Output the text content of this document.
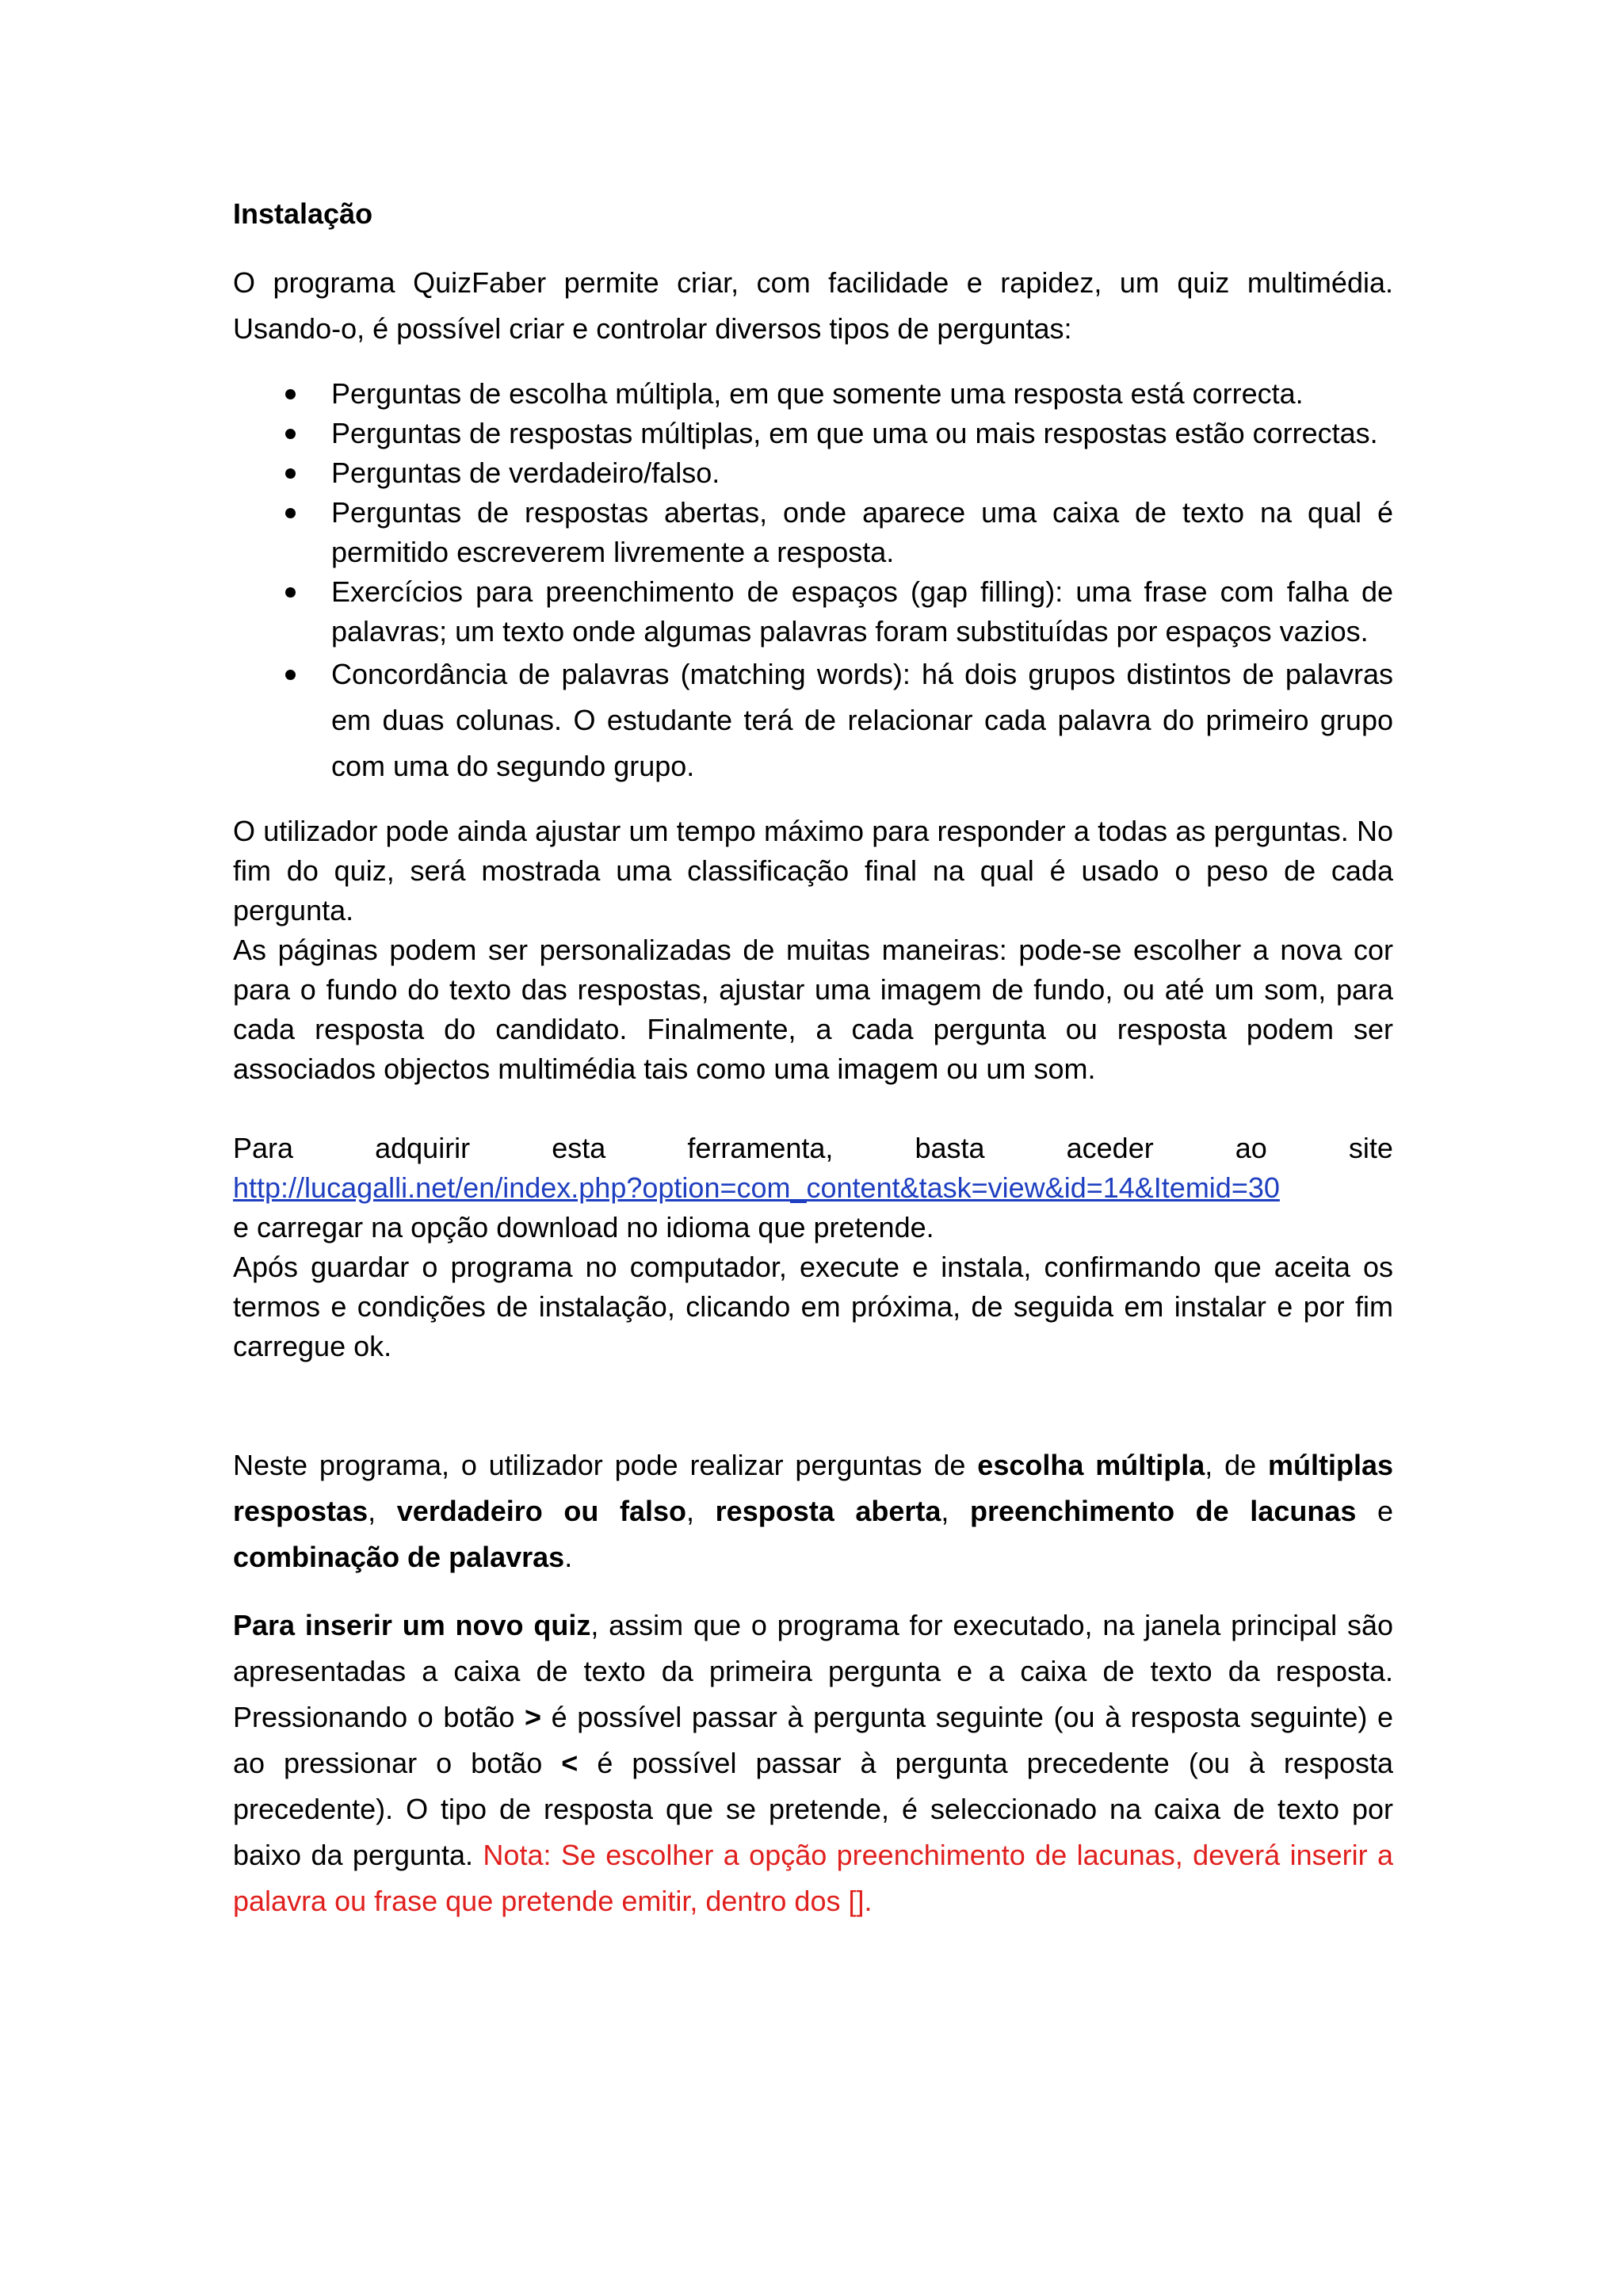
Instalação

O programa QuizFaber permite criar, com facilidade e rapidez, um quiz multimédia. Usando-o, é possível criar e controlar diversos tipos de perguntas:

Perguntas de escolha múltipla, em que somente uma resposta está correcta.
Perguntas de respostas múltiplas, em que uma ou mais respostas estão correctas.
Perguntas de verdadeiro/falso.
Perguntas de respostas abertas, onde aparece uma caixa de texto na qual é permitido escreverem livremente a resposta.
Exercícios para preenchimento de espaços (gap filling): uma frase com falha de palavras; um texto onde algumas palavras foram substituídas por espaços vazios.
Concordância de palavras (matching words): há dois grupos distintos de palavras em duas colunas. O estudante terá de relacionar cada palavra do primeiro grupo com uma do segundo grupo.

O utilizador pode ainda ajustar um tempo máximo para responder a todas as perguntas. No fim do quiz, será mostrada uma classificação final na qual é usado o peso de cada pergunta.

As páginas podem ser personalizadas de muitas maneiras: pode-se escolher a nova cor para o fundo do texto das respostas, ajustar uma imagem de fundo, ou até um som, para cada resposta do candidato. Finalmente, a cada pergunta ou resposta podem ser associados objectos multimédia tais como uma imagem ou um som.

Para	adquirir	esta	ferramenta,	basta	aceder	ao	site
http://lucagalli.net/en/index.php?option=com_content&task=view&id=14&Itemid=30

e carregar na opção download no idioma que pretende.

Após guardar o programa no computador, execute e instala, confirmando que aceita os termos e condições de instalação, clicando em próxima, de seguida em instalar e por fim carregue ok.

Neste programa, o utilizador pode realizar perguntas de escolha múltipla, de múltiplas respostas, verdadeiro ou falso, resposta aberta, preenchimento de lacunas e combinação de palavras.

Para inserir um novo quiz, assim que o programa for executado, na janela principal são apresentadas a caixa de texto da primeira pergunta e a caixa de texto da resposta. Pressionando o botão > é possível passar à pergunta seguinte (ou à resposta seguinte) e ao pressionar o botão < é possível passar à pergunta precedente (ou à resposta precedente). O tipo de resposta que se pretende, é seleccionado na caixa de texto por baixo da pergunta. Nota: Se escolher a opção preenchimento de lacunas, deverá inserir a palavra ou frase que pretende emitir, dentro dos [].
